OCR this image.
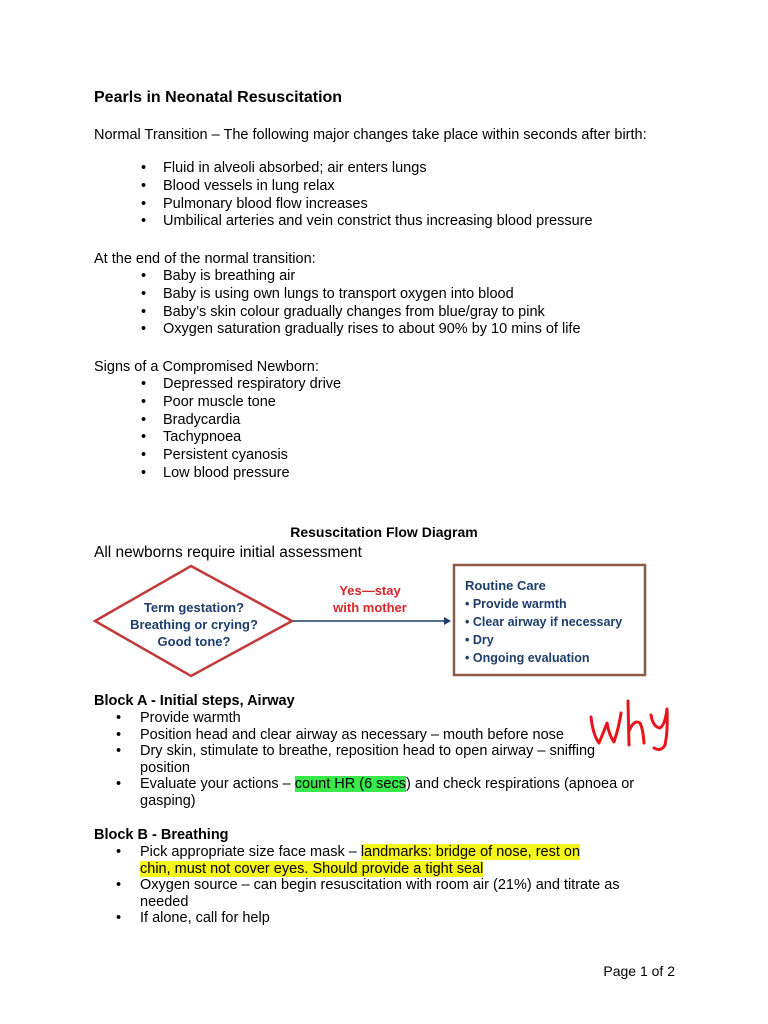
Pearls in Neonatal Resuscitation
Normal Transition – The following major changes take place within seconds after birth:
• Fluid in alveoli absorbed; air enters lungs
• Blood vessels in lung relax
• Pulmonary blood flow increases
• Umbilical arteries and vein constrict thus increasing blood pressure
At the end of the normal transition:
• Baby is breathing air
• Baby is using own lungs to transport oxygen into blood
• Baby’s skin colour gradually changes from blue/gray to pink
• Oxygen saturation gradually rises to about 90% by 10 mins of life
Signs of a Compromised Newborn:
• Depressed respiratory drive
• Poor muscle tone
• Bradycardia
• Tachypnoea
• Persistent cyanosis
• Low blood pressure
Resuscitation Flow Diagram
All newborns require initial assessment
Term gestation?
Breathing or crying?
Good tone?
Yes—stay
with mother
Routine Care
• Provide warmth
• Clear airway if necessary
• Dry
• Ongoing evaluation
Block A - Initial steps, Airway
• Provide warmth
• Position head and clear airway as necessary – mouth before nose
• Dry skin, stimulate to breathe, reposition head to open airway – sniffing position
• Evaluate your actions – count HR (6 secs) and check respirations (apnoea or gasping)
Block B - Breathing
• Pick appropriate size face mask – landmarks: bridge of nose, rest on chin, must not cover eyes. Should provide a tight seal
• Oxygen source – can begin resuscitation with room air (21%) and titrate as needed
• If alone, call for help
Page 1 of 2
